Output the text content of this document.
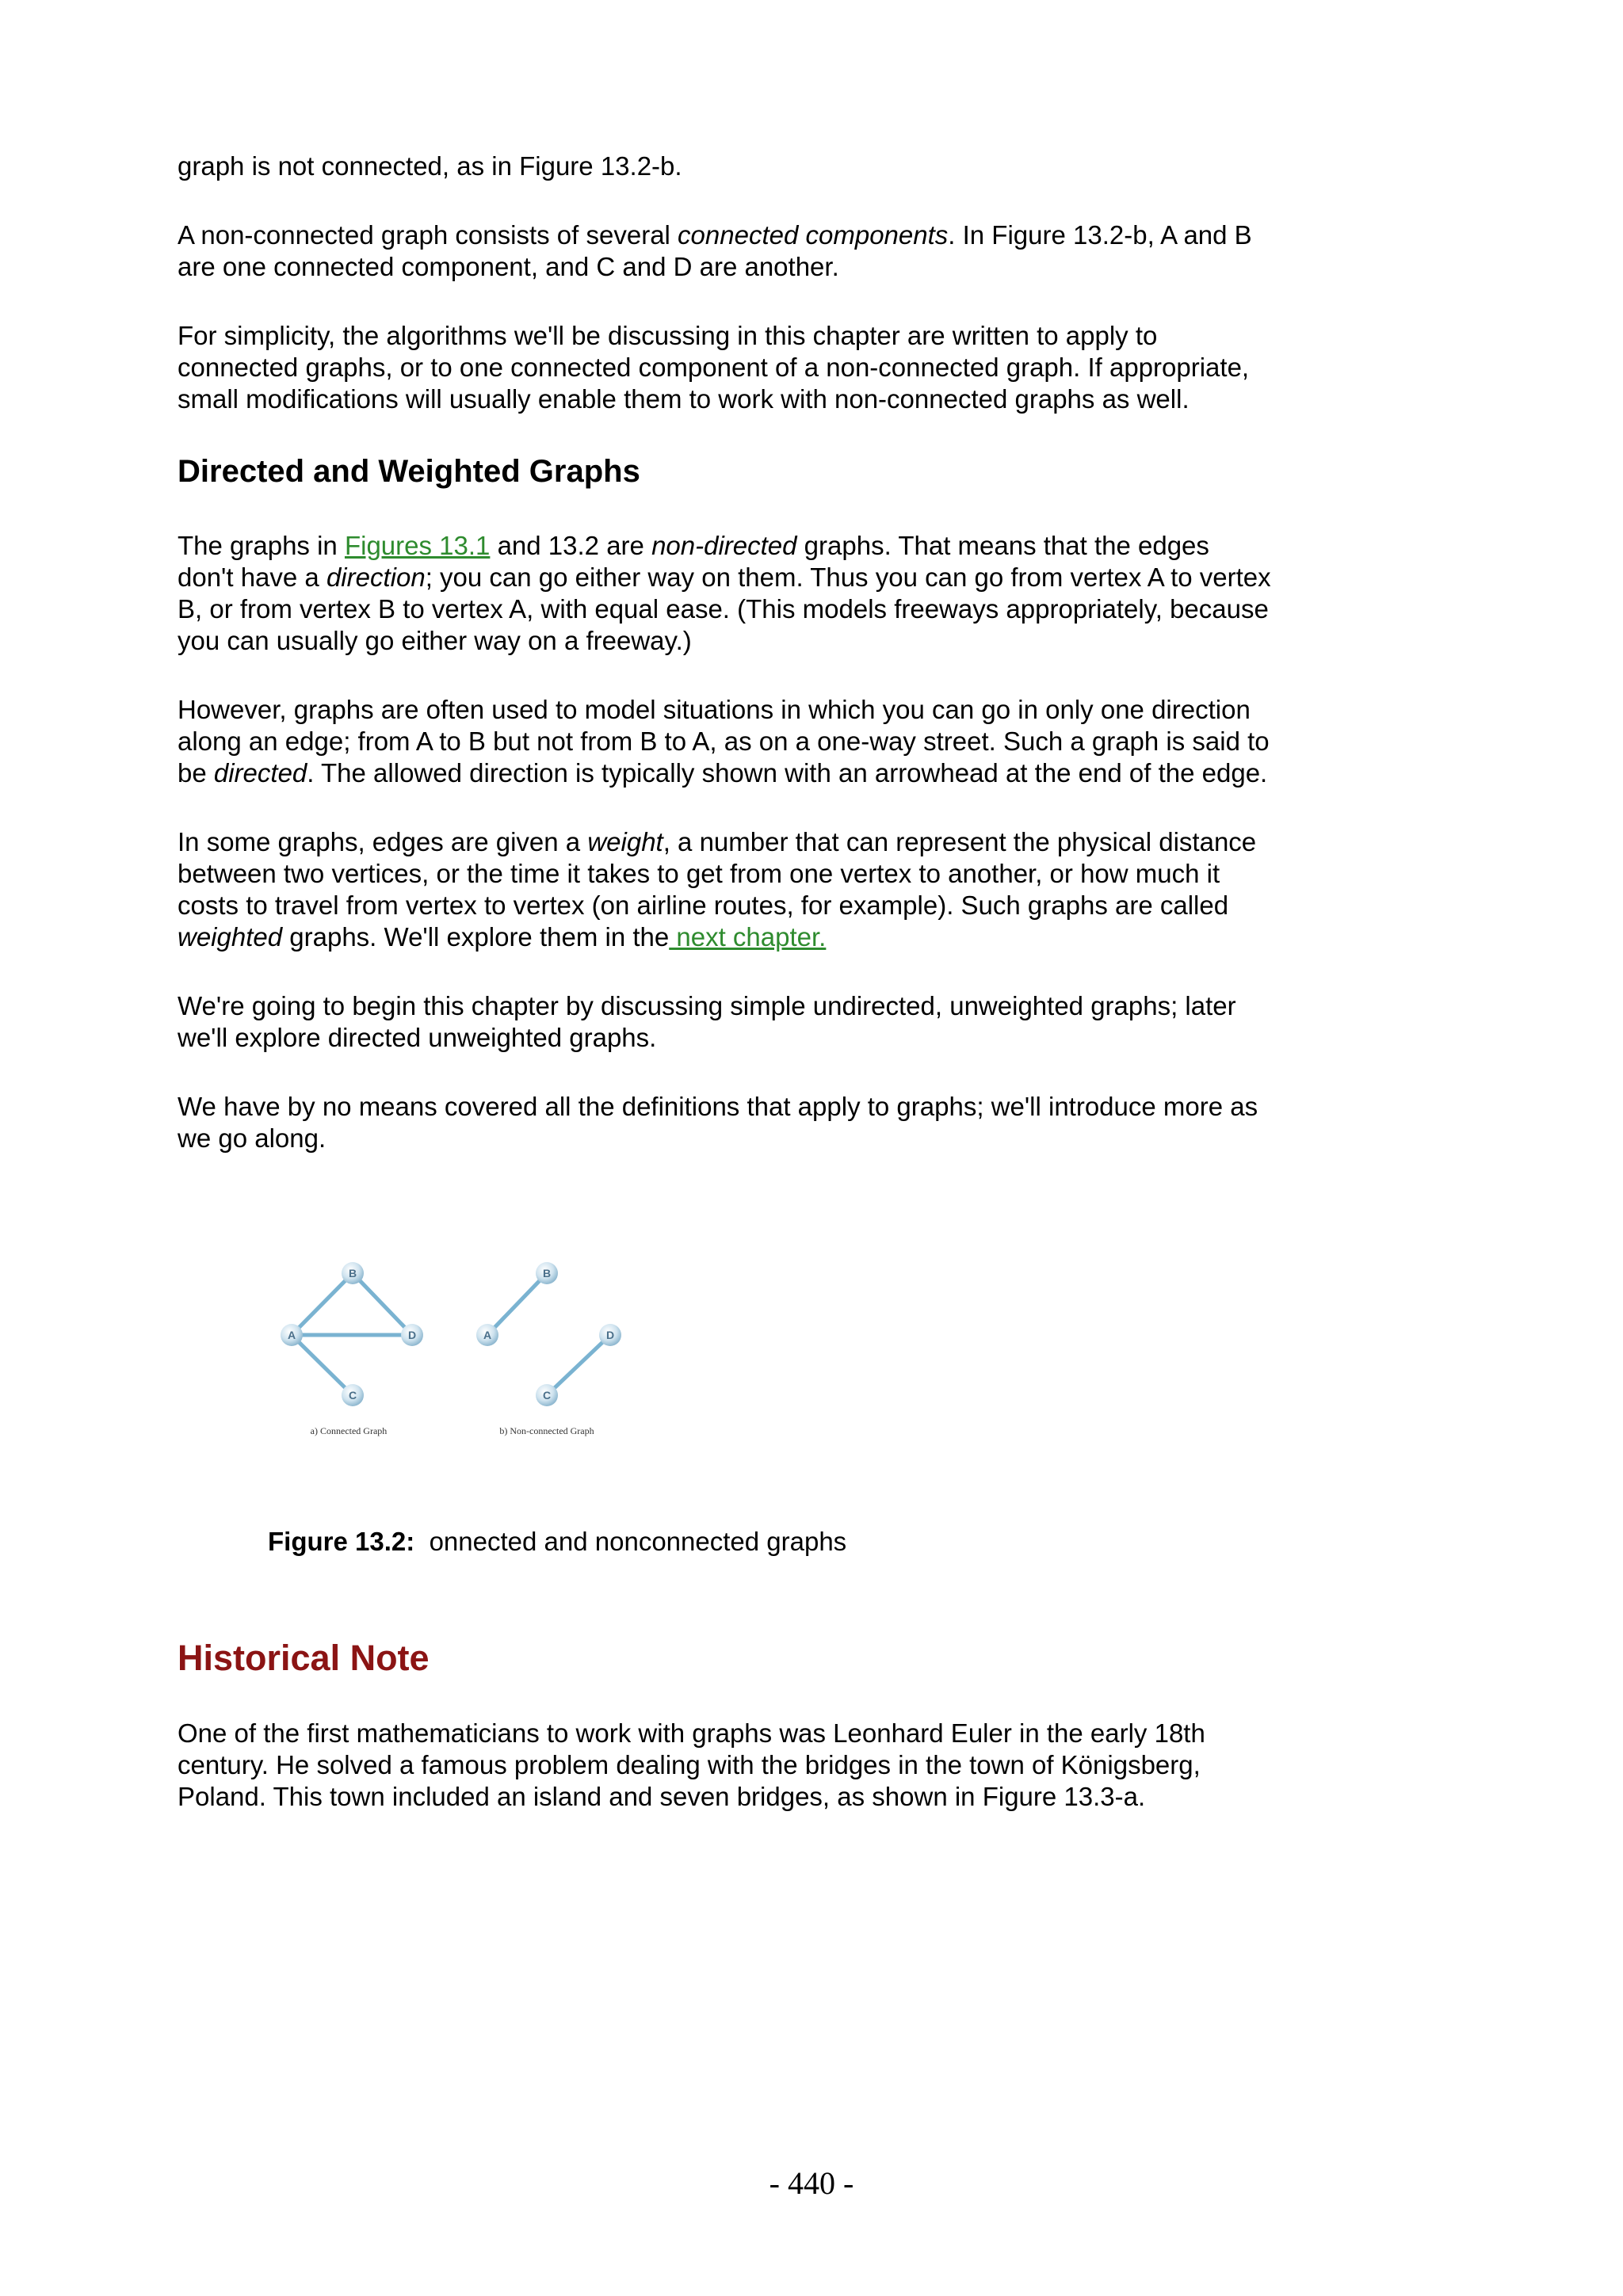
graph is not connected, as in Figure 13.2-b.

A non-connected graph consists of several connected components. In Figure 13.2-b, A and B are one connected component, and C and D are another.

For simplicity, the algorithms we'll be discussing in this chapter are written to apply to connected graphs, or to one connected component of a non-connected graph. If appropriate, small modifications will usually enable them to work with non-connected graphs as well.

Directed and Weighted Graphs

The graphs in Figures 13.1 and 13.2 are non-directed graphs. That means that the edges don't have a direction; you can go either way on them. Thus you can go from vertex A to vertex B, or from vertex B to vertex A, with equal ease. (This models freeways appropriately, because you can usually go either way on a freeway.)

However, graphs are often used to model situations in which you can go in only one direction along an edge; from A to B but not from B to A, as on a one-way street. Such a graph is said to be directed. The allowed direction is typically shown with an arrowhead at the end of the edge.

In some graphs, edges are given a weight, a number that can represent the physical distance between two vertices, or the time it takes to get from one vertex to another, or how much it costs to travel from vertex to vertex (on airline routes, for example). Such graphs are called weighted graphs. We'll explore them in the next chapter.

We're going to begin this chapter by discussing simple undirected, unweighted graphs; later we'll explore directed unweighted graphs.

We have by no means covered all the definitions that apply to graphs; we'll introduce more as we go along.

B
A	D
C
a) Connected Graph
B
A	D
C
b) Non-connected Graph
Figure 13.2: onnected and nonconnected graphs
Historical Note
One of the first mathematicians to work with graphs was Leonhard Euler in the early 18th century. He solved a famous problem dealing with the bridges in the town of Königsberg, Poland. This town included an island and seven bridges, as shown in Figure 13.3-a.
- 440 -
